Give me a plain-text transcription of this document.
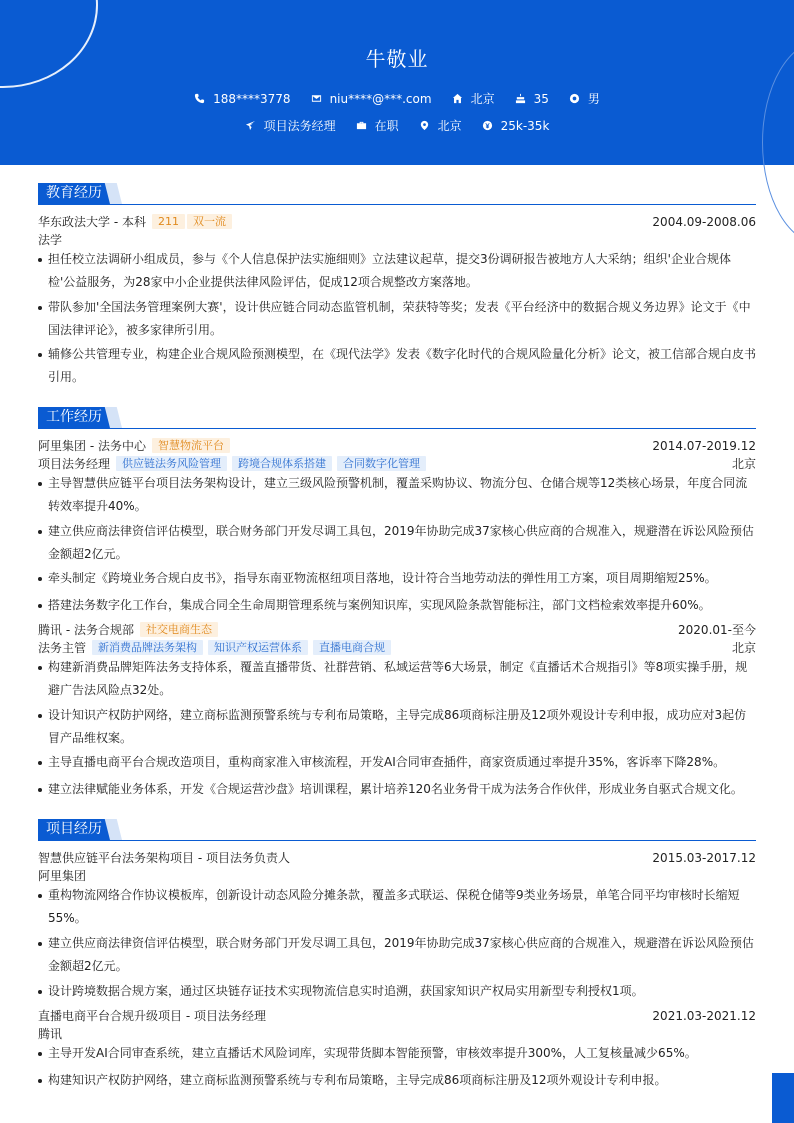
牛敬业
188****3778	niu****@***.com	北京	35	男
项目法务经理	在职	北京	25k-35k
教育经历
华东政法大学 - 本科	211	双一流	2004.09-2008.06
法学
担任校立法调研小组成员，参与《个人信息保护法实施细则》立法建议起草，提交3份调研报告被地方人大采纳；组织'企业合规体检'公益服务，为28家中小企业提供法律风险评估，促成12项合规整改方案落地。
带队参加'全国法务管理案例大赛'，设计供应链合同动态监管机制，荣获特等奖；发表《平台经济中的数据合规义务边界》论文于《中国法律评论》，被多家律所引用。
辅修公共管理专业，构建企业合规风险预测模型，在《现代法学》发表《数字化时代的合规风险量化分析》论文，被工信部合规白皮书引用。
工作经历
阿里集团 - 法务中心	智慧物流平台	2014.07-2019.12
项目法务经理	供应链法务风险管理	跨境合规体系搭建	合同数字化管理	北京
主导智慧供应链平台项目法务架构设计，建立三级风险预警机制，覆盖采购协议、物流分包、仓储合规等12类核心场景，年度合同流转效率提升40%。
建立供应商法律资信评估模型，联合财务部门开发尽调工具包，2019年协助完成37家核心供应商的合规准入，规避潜在诉讼风险预估金额超2亿元。
牵头制定《跨境业务合规白皮书》，指导东南亚物流枢纽项目落地，设计符合当地劳动法的弹性用工方案，项目周期缩短25%。
搭建法务数字化工作台，集成合同全生命周期管理系统与案例知识库，实现风险条款智能标注，部门文档检索效率提升60%。
腾讯 - 法务合规部	社交电商生态	2020.01-至今
法务主管	新消费品牌法务架构	知识产权运营体系	直播电商合规	北京
构建新消费品牌矩阵法务支持体系，覆盖直播带货、社群营销、私域运营等6大场景，制定《直播话术合规指引》等8项实操手册，规避广告法风险点32处。
设计知识产权防护网络，建立商标监测预警系统与专利布局策略，主导完成86项商标注册及12项外观设计专利申报，成功应对3起仿冒产品维权案。
主导直播电商平台合规改造项目，重构商家准入审核流程，开发AI合同审查插件，商家资质通过率提升35%，客诉率下降28%。
建立法律赋能业务体系，开发《合规运营沙盘》培训课程，累计培养120名业务骨干成为法务合作伙伴，形成业务自驱式合规文化。
项目经历
智慧供应链平台法务架构项目 - 项目法务负责人	2015.03-2017.12
阿里集团
重构物流网络合作协议模板库，创新设计动态风险分摊条款，覆盖多式联运、保税仓储等9类业务场景，单笔合同平均审核时长缩短55%。
建立供应商法律资信评估模型，联合财务部门开发尽调工具包，2019年协助完成37家核心供应商的合规准入，规避潜在诉讼风险预估金额超2亿元。
设计跨境数据合规方案，通过区块链存证技术实现物流信息实时追溯，获国家知识产权局实用新型专利授权1项。
直播电商平台合规升级项目 - 项目法务经理	2021.03-2021.12
腾讯
主导开发AI合同审查系统，建立直播话术风险词库，实现带货脚本智能预警，审核效率提升300%，人工复核量减少65%。
构建知识产权防护网络，建立商标监测预警系统与专利布局策略，主导完成86项商标注册及12项外观设计专利申报。
